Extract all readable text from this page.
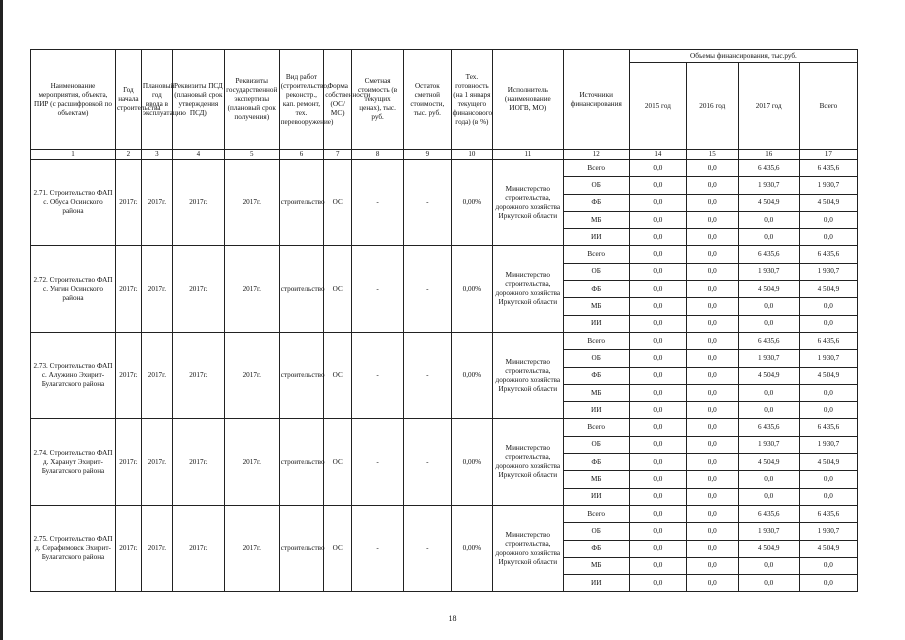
Наименование мероприятия, объекта, ПИР (с расшифровкой по объектам)	Год начала строительства	Плановый год ввода в эксплуатацию	Реквизиты ПСД (плановый срок утверждения ПСД)	Реквизиты государственной экспертизы (плановый срок получения)	Вид работ (строительство, реконстр., кап. ремонт, тех. перевооружение)	Форма собственности (ОС/МС)	Сметная стоимость (в текущих ценах), тыс. руб.	Остаток сметной стоимости, тыс. руб.	Тех. готовность (на 1 января текущего финансового года) (в %)	Исполнитель (наименование ИОГВ, МО)	Источники финансирования	Объемы финансирования, тыс.руб.			
												2015 год	2016 год	2017 год	Всего
1	2	3	4	5	6	7	8	9	10	11	12	14	15	16	17
2.71. Строительство ФАП с. Обуса Осинского района	2017г.	2017г.	2017г.	2017г.	строительство	ОС	-	-	0,00%	Министерство строительства, дорожного хозяйства Иркутской области	Всего	0,0	0,0	6 435,6	6 435,6
											ОБ	0,0	0,0	1 930,7	1 930,7
											ФБ	0,0	0,0	4 504,9	4 504,9
											МБ	0,0	0,0	0,0	0,0
											ИИ	0,0	0,0	0,0	0,0
2.72. Строительство ФАП с. Унгин Осинского района	2017г.	2017г.	2017г.	2017г.	строительство	ОС	-	-	0,00%	Министерство строительства, дорожного хозяйства Иркутской области	Всего	0,0	0,0	6 435,6	6 435,6
											ОБ	0,0	0,0	1 930,7	1 930,7
											ФБ	0,0	0,0	4 504,9	4 504,9
											МБ	0,0	0,0	0,0	0,0
											ИИ	0,0	0,0	0,0	0,0
2.73. Строительство ФАП с. Алужино Эхирит-Булагатского района	2017г.	2017г.	2017г.	2017г.	строительство	ОС	-	-	0,00%	Министерство строительства, дорожного хозяйства Иркутской области	Всего	0,0	0,0	6 435,6	6 435,6
											ОБ	0,0	0,0	1 930,7	1 930,7
											ФБ	0,0	0,0	4 504,9	4 504,9
											МБ	0,0	0,0	0,0	0,0
											ИИ	0,0	0,0	0,0	0,0
2.74. Строительство ФАП д. Харанут Эхирит-Булагатского района	2017г.	2017г.	2017г.	2017г.	строительство	ОС	-	-	0,00%	Министерство строительства, дорожного хозяйства Иркутской области	Всего	0,0	0,0	6 435,6	6 435,6
											ОБ	0,0	0,0	1 930,7	1 930,7
											ФБ	0,0	0,0	4 504,9	4 504,9
											МБ	0,0	0,0	0,0	0,0
											ИИ	0,0	0,0	0,0	0,0
2.75. Строительство ФАП д. Серафимовск Эхирит-Булагатского района	2017г.	2017г.	2017г.	2017г.	строительство	ОС	-	-	0,00%	Министерство строительства, дорожного хозяйства Иркутской области	Всего	0,0	0,0	6 435,6	6 435,6
											ОБ	0,0	0,0	1 930,7	1 930,7
											ФБ	0,0	0,0	4 504,9	4 504,9
											МБ	0,0	0,0	0,0	0,0
											ИИ	0,0	0,0	0,0	0,0
18
